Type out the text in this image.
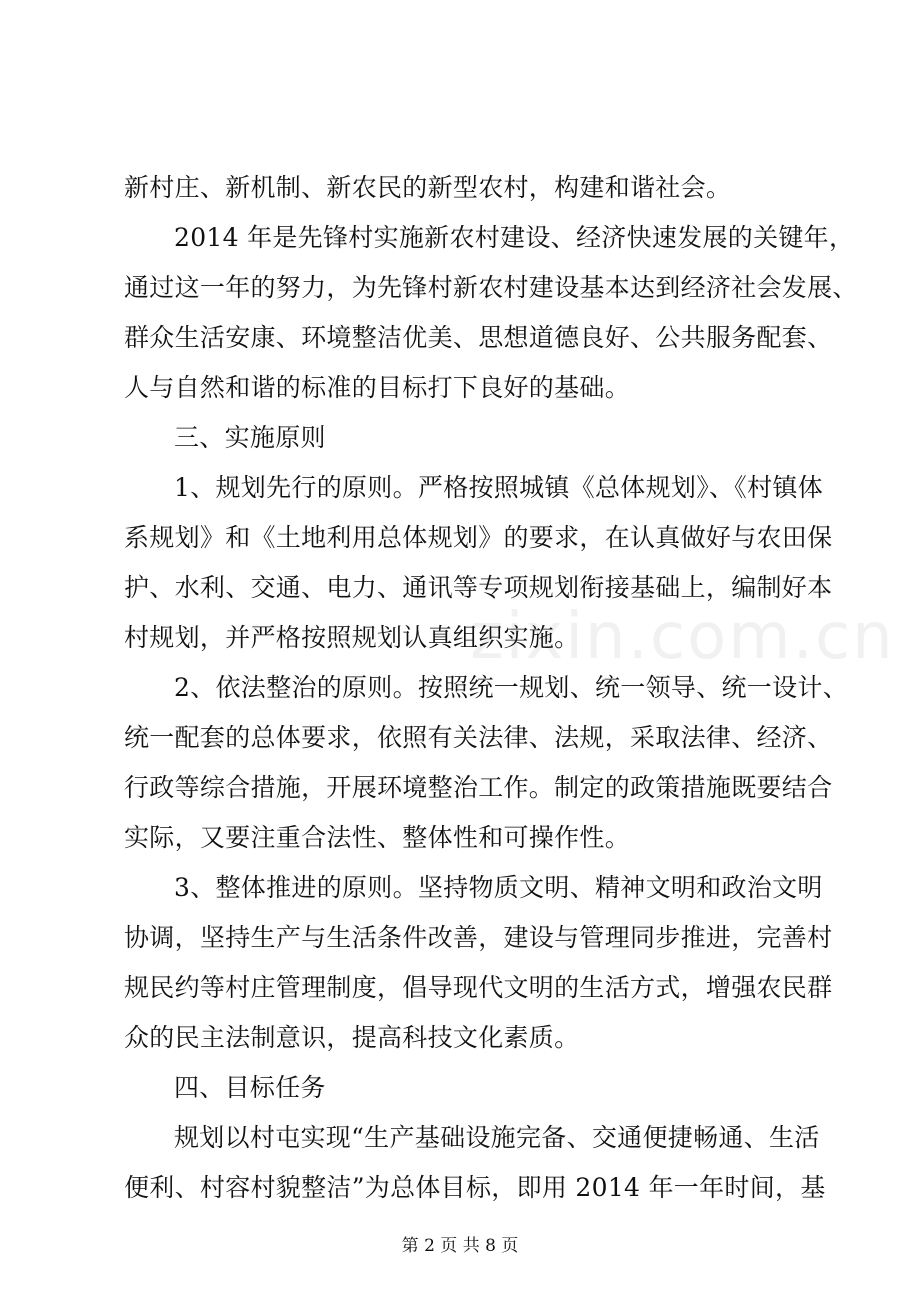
zixin.com.cn
新村庄、新机制、新农民的新型农村，构建和谐社会。
2014 年是先锋村实施新农村建设、经济快速发展的关键年，
通过这一年的努力，为先锋村新农村建设基本达到经济社会发展、
群众生活安康、环境整洁优美、思想道德良好、公共服务配套、
人与自然和谐的标准的目标打下良好的基础。
三、实施原则
1、规划先行的原则。严格按照城镇《总体规划》、《村镇体
系规划》和《土地利用总体规划》的要求，在认真做好与农田保
护、水利、交通、电力、通讯等专项规划衔接基础上，编制好本
村规划，并严格按照规划认真组织实施。
2、依法整治的原则。按照统一规划、统一领导、统一设计、
统一配套的总体要求，依照有关法律、法规，采取法律、经济、
行政等综合措施，开展环境整治工作。制定的政策措施既要结合
实际，又要注重合法性、整体性和可操作性。
3、整体推进的原则。坚持物质文明、精神文明和政治文明
协调，坚持生产与生活条件改善，建设与管理同步推进，完善村
规民约等村庄管理制度，倡导现代文明的生活方式，增强农民群
众的民主法制意识，提高科技文化素质。
四、目标任务
规划以村屯实现“生产基础设施完备、交通便捷畅通、生活
便利、村容村貌整洁”为总体目标，即用 2014 年一年时间，基
第 2 页 共 8 页
